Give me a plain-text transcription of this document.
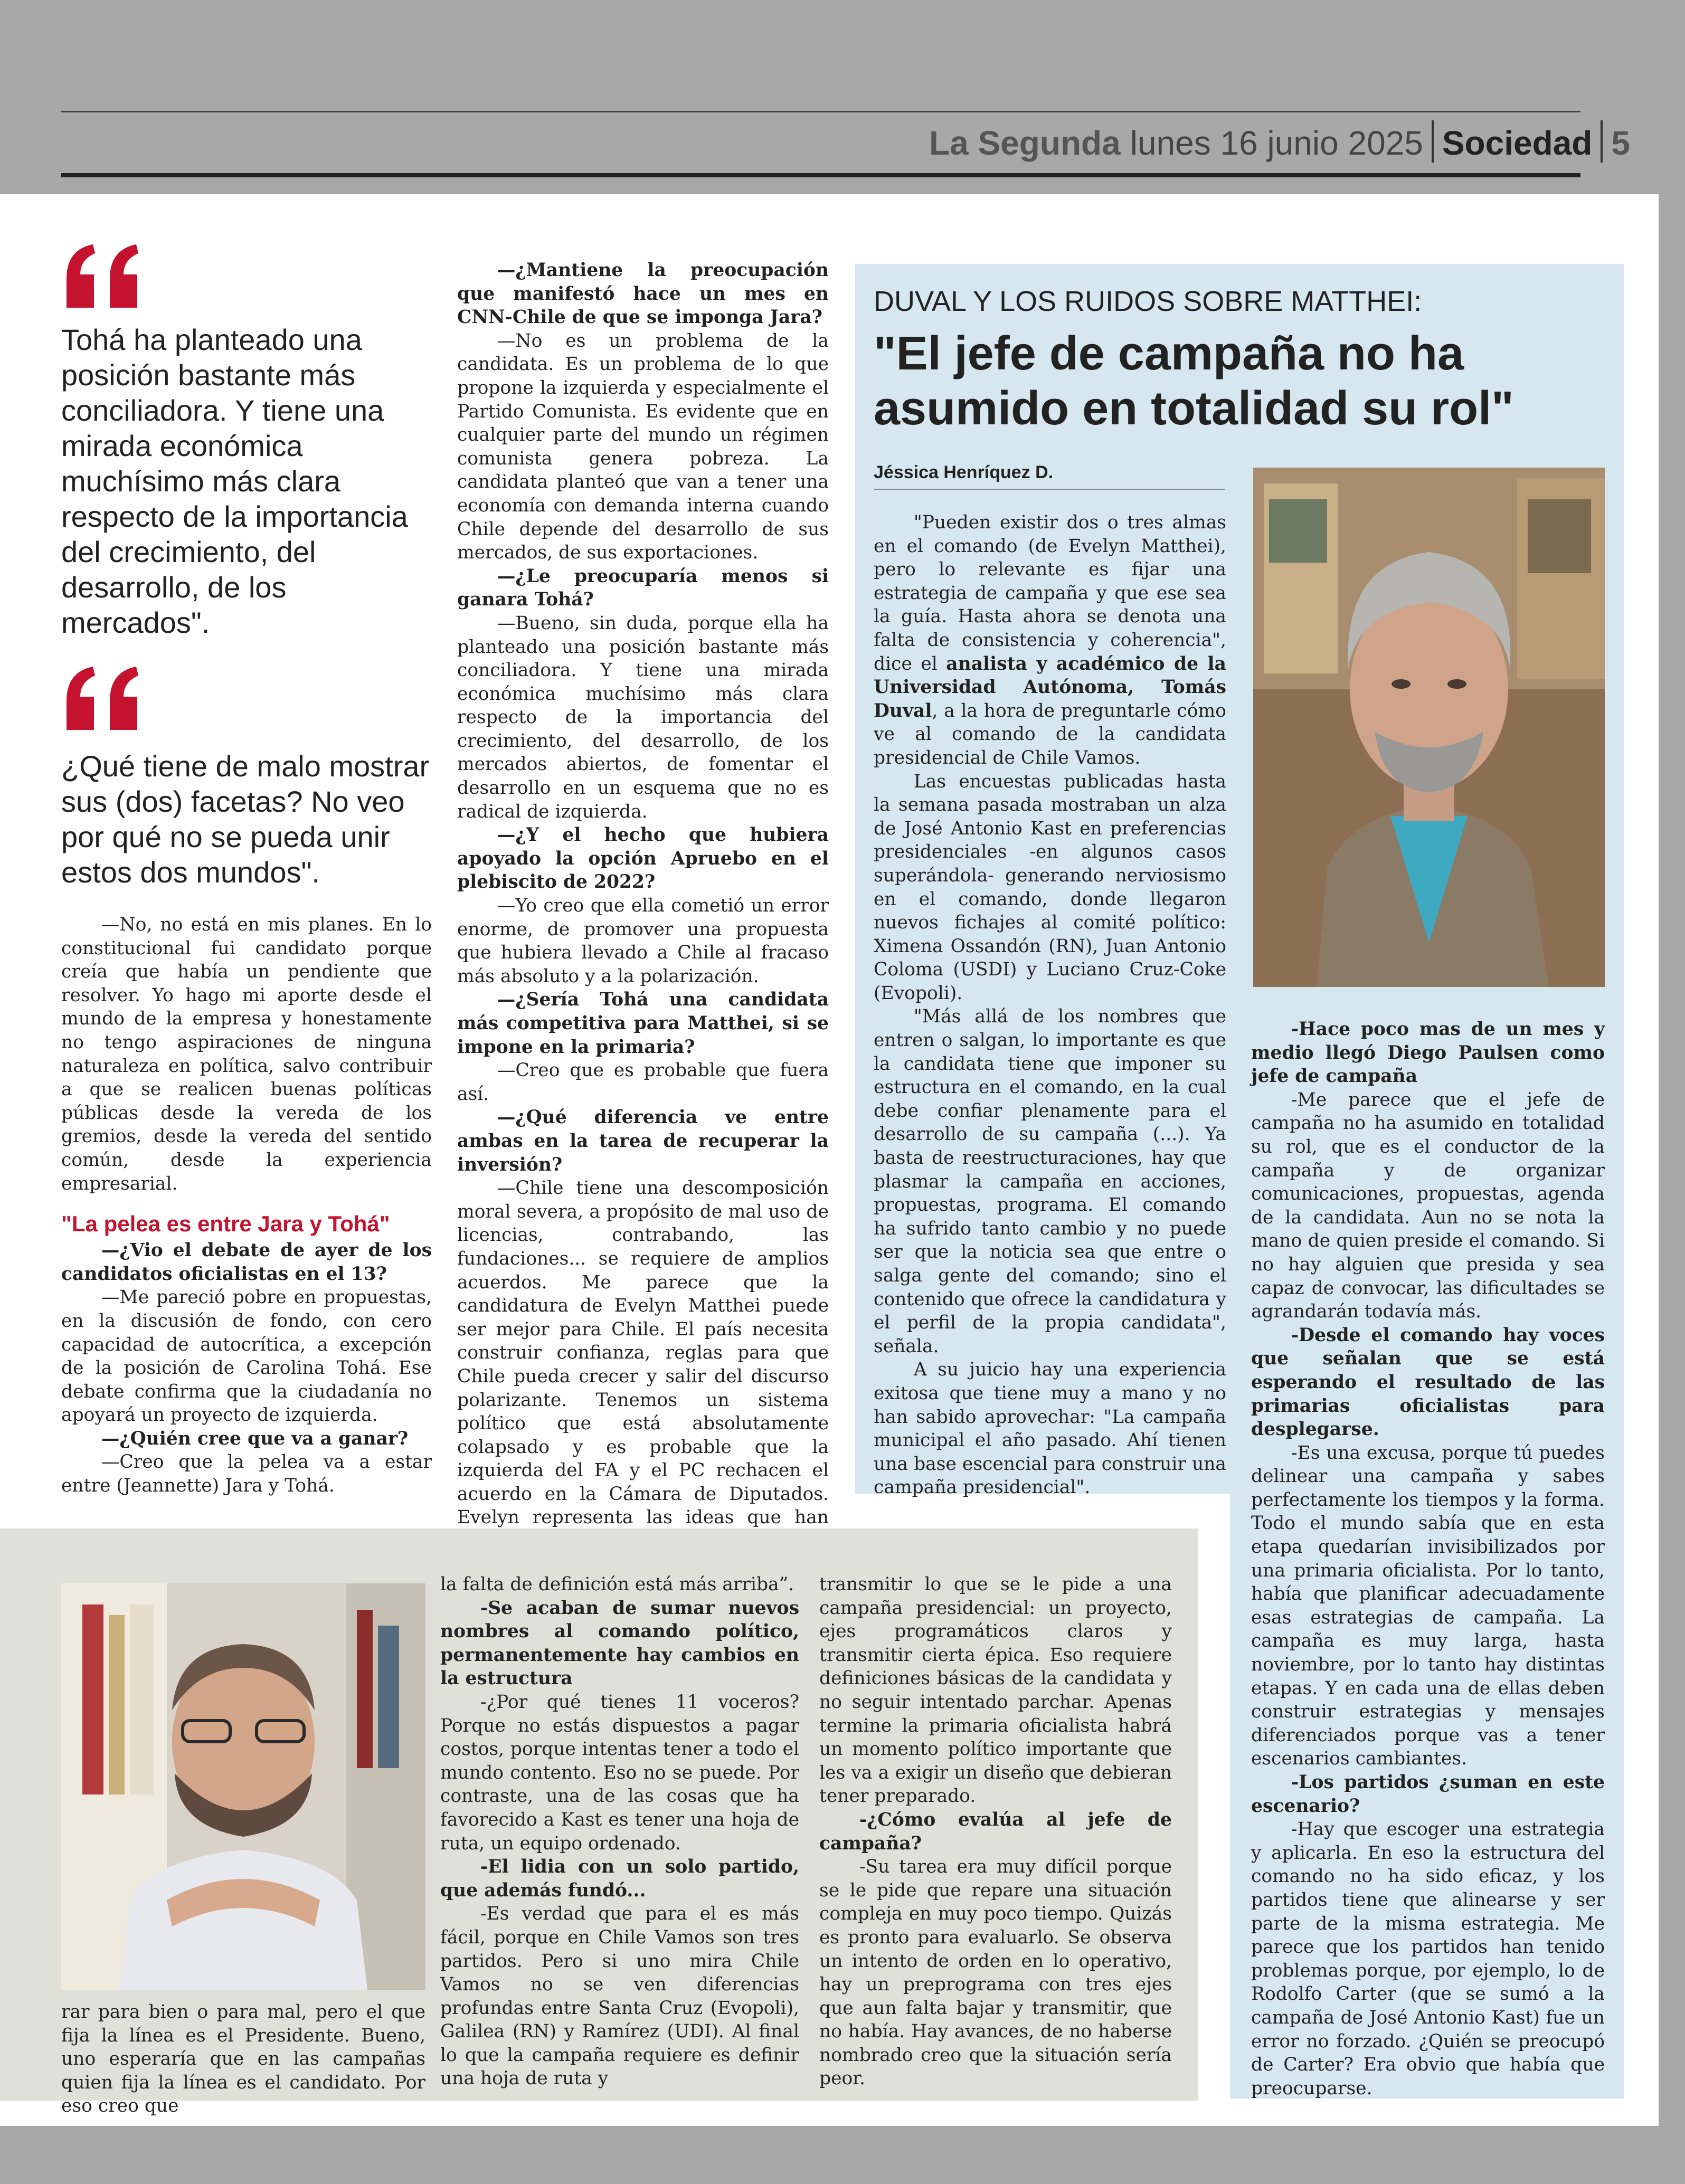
La Segunda lunes 16 junio 2025 Sociedad 5
Tohá ha planteado una posición bastante más conciliadora. Y tiene una mirada económica muchísimo más clara respecto de la importancia del crecimiento, del desarrollo, de los mercados".
¿Qué tiene de malo mostrar sus (dos) facetas? No veo por qué no se pueda unir estos dos mundos".

—No, no está en mis planes. En lo constitucional fui candidato porque creía que había un pendiente que resolver. Yo hago mi aporte desde el mundo de la empresa y honestamente no tengo aspiraciones de ninguna naturaleza en política, salvo contribuir a que se realicen buenas políticas públicas desde la vereda de los gremios, desde la vereda del sentido común, desde la experiencia empresarial.

"La pelea es entre Jara y Tohá"

—¿Vio el debate de ayer de los candidatos oficialistas en el 13?

—Me pareció pobre en propuestas, en la discusión de fondo, con cero capacidad de autocrítica, a excepción de la posición de Carolina Tohá. Ese debate confirma que la ciudadanía no apoyará un proyecto de izquierda.

—¿Quién cree que va a ganar?

—Creo que la pelea va a estar entre (Jeannette) Jara y Tohá.

—¿Mantiene la preocupación que manifestó hace un mes en CNN-Chile de que se imponga Jara?

—No es un problema de la candidata. Es un problema de lo que propone la izquierda y especialmente el Partido Comunista. Es evidente que en cualquier parte del mundo un régimen comunista genera pobreza. La candidata planteó que van a tener una economía con demanda interna cuando Chile depende del desarrollo de sus mercados, de sus exportaciones.

—¿Le preocuparía menos si ganara Tohá?

—Bueno, sin duda, porque ella ha planteado una posición bastante más conciliadora. Y tiene una mirada económica muchísimo más clara respecto de la importancia del crecimiento, del desarrollo, de los mercados abiertos, de fomentar el desarrollo en un esquema que no es radical de izquierda.

—¿Y el hecho que hubiera apoyado la opción Apruebo en el plebiscito de 2022?

—Yo creo que ella cometió un error enorme, de promover una propuesta que hubiera llevado a Chile al fracaso más absoluto y a la polarización.

—¿Sería Tohá una candidata más competitiva para Matthei, si se impone en la primaria?

—Creo que es probable que fuera así.

—¿Qué diferencia ve entre ambas en la tarea de recuperar la inversión?

—Chile tiene una descomposición moral severa, a propósito de mal uso de licencias, contrabando, las fundaciones... se requiere de amplios acuerdos. Me parece que la candidatura de Evelyn Matthei puede ser mejor para Chile. El país necesita construir confianza, reglas para que Chile pueda crecer y salir del discurso polarizante. Tenemos un sistema político que está absolutamente colapsado y es probable que la izquierda del FA y el PC rechacen el acuerdo en la Cámara de Diputados. Evelyn representa las ideas que han

DUVAL Y LOS RUIDOS SOBRE MATTHEI:
"El jefe de campaña no ha asumido en totalidad su rol"
Jéssica Henríquez D.

"Pueden existir dos o tres almas en el comando (de Evelyn Matthei), pero lo relevante es fijar una estrategia de campaña y que ese sea la guía. Hasta ahora se denota una falta de consistencia y coherencia", dice el analista y académico de la Universidad Autónoma, Tomás Duval, a la hora de preguntarle cómo ve al comando de la candidata presidencial de Chile Vamos.

Las encuestas publicadas hasta la semana pasada mostraban un alza de José Antonio Kast en preferencias presidenciales -en algunos casos superándola- generando nerviosismo en el comando, donde llegaron nuevos fichajes al comité político: Ximena Ossandón (RN), Juan Antonio Coloma (USDI) y Luciano Cruz-Coke (Evopoli).

"Más allá de los nombres que entren o salgan, lo importante es que la candidata tiene que imponer su estructura en el comando, en la cual debe confiar plenamente para el desarrollo de su campaña (...). Ya basta de reestructuraciones, hay que plasmar la campaña en acciones, propuestas, programa. El comando ha sufrido tanto cambio y no puede ser que la noticia sea que entre o salga gente del comando; sino el contenido que ofrece la candidatura y el perfil de la propia candidata", señala.

A su juicio hay una experiencia exitosa que tiene muy a mano y no han sabido aprovechar: "La campaña municipal el año pasado. Ahí tienen una base escencial para construir una campaña presidencial".

-Hace poco mas de un mes y medio llegó Diego Paulsen como jefe de campaña

-Me parece que el jefe de campaña no ha asumido en totalidad su rol, que es el conductor de la campaña y de organizar comunicaciones, propuestas, agenda de la candidata. Aun no se nota la mano de quien preside el comando. Si no hay alguien que presida y sea capaz de convocar, las dificultades se agrandarán todavía más.

-Desde el comando hay voces que señalan que se está esperando el resultado de las primarias oficialistas para desplegarse.

-Es una excusa, porque tú puedes delinear una campaña y sabes perfectamente los tiempos y la forma. Todo el mundo sabía que en esta etapa quedarían invisibilizados por una primaria oficialista. Por lo tanto, había que planificar adecuadamente esas estrategias de campaña. La campaña es muy larga, hasta noviembre, por lo tanto hay distintas etapas. Y en cada una de ellas deben construir estrategias y mensajes diferenciados porque vas a tener escenarios cambiantes.

-Los partidos ¿suman en este escenario?

-Hay que escoger una estrategia y aplicarla. En eso la estructura del comando no ha sido eficaz, y los partidos tiene que alinearse y ser parte de la misma estrategia. Me parece que los partidos han tenido problemas porque, por ejemplo, lo de Rodolfo Carter (que se sumó a la campaña de José Antonio Kast) fue un error no forzado. ¿Quién se preocupó de Carter? Era obvio que había que preocuparse.

rar para bien o para mal, pero el que fija la línea es el Presidente. Bueno, uno esperaría que en las campañas quien fija la línea es el candidato. Por eso creo que

la falta de definición está más arriba”.

-Se acaban de sumar nuevos nombres al comando político, permanentemente hay cambios en la estructura

-¿Por qué tienes 11 voceros? Porque no estás dispuestos a pagar costos, porque intentas tener a todo el mundo contento. Eso no se puede. Por contraste, una de las cosas que ha favorecido a Kast es tener una hoja de ruta, un equipo ordenado.

-El lidia con un solo partido, que además fundó...

-Es verdad que para el es más fácil, porque en Chile Vamos son tres partidos. Pero si uno mira Chile Vamos no se ven diferencias profundas entre Santa Cruz (Evopoli), Galilea (RN) y Ramírez (UDI). Al final lo que la campaña requiere es definir una hoja de ruta y

transmitir lo que se le pide a una campaña presidencial: un proyecto, ejes programáticos claros y transmitir cierta épica. Eso requiere definiciones básicas de la candidata y no seguir intentado parchar. Apenas termine la primaria oficialista habrá un momento político importante que les va a exigir un diseño que debieran tener preparado.

-¿Cómo evalúa al jefe de campaña?

-Su tarea era muy difícil porque se le pide que repare una situación compleja en muy poco tiempo. Quizás es pronto para evaluarlo. Se observa un intento de orden en lo operativo, hay un preprograma con tres ejes que aun falta bajar y transmitir, que no había. Hay avances, de no haberse nombrado creo que la situación sería peor.
